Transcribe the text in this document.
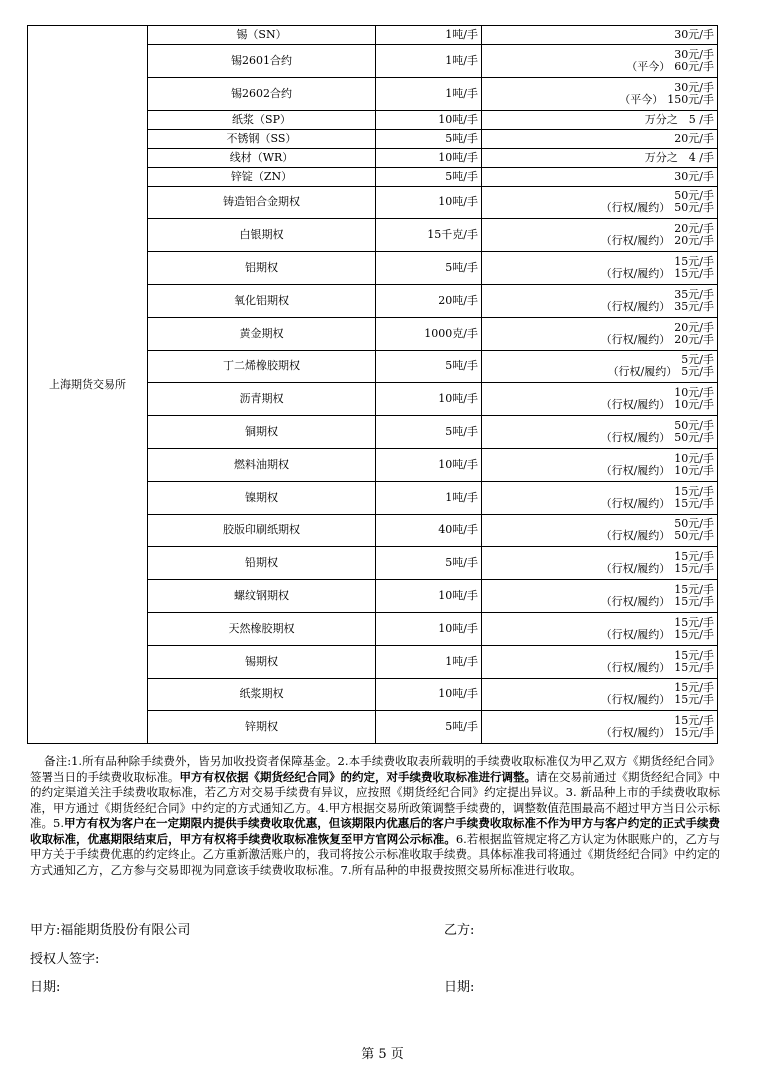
上海期货交易所	锡（SN）	1吨/手	30元/手

	锡2601合约	1吨/手	30元/手
（平今） 60元/手

	锡2602合约	1吨/手	30元/手
（平今） 150元/手

	纸浆（SP）	10吨/手	万分之　5 /手

	不锈钢（SS）	5吨/手	20元/手

	线材（WR）	10吨/手	万分之　4 /手

	锌锭（ZN）	5吨/手	30元/手

	铸造铝合金期权	10吨/手	50元/手
（行权/履约） 50元/手

	白银期权	15千克/手	20元/手
（行权/履约） 20元/手

	铝期权	5吨/手	15元/手
（行权/履约） 15元/手

	氧化铝期权	20吨/手	35元/手
（行权/履约） 35元/手

	黄金期权	1000克/手	20元/手
（行权/履约） 20元/手

	丁二烯橡胶期权	5吨/手	5元/手
（行权/履约） 5元/手

	沥青期权	10吨/手	10元/手
（行权/履约） 10元/手

	铜期权	5吨/手	50元/手
（行权/履约） 50元/手

	燃料油期权	10吨/手	10元/手
（行权/履约） 10元/手

	镍期权	1吨/手	15元/手
（行权/履约） 15元/手

	胶版印刷纸期权	40吨/手	50元/手
（行权/履约） 50元/手

	铅期权	5吨/手	15元/手
（行权/履约） 15元/手

	螺纹钢期权	10吨/手	15元/手
（行权/履约） 15元/手

	天然橡胶期权	10吨/手	15元/手
（行权/履约） 15元/手

	锡期权	1吨/手	15元/手
（行权/履约） 15元/手

	纸浆期权	10吨/手	15元/手
（行权/履约） 15元/手

	锌期权	5吨/手	15元/手
（行权/履约） 15元/手
备注:1.所有品种除手续费外，皆另加收投资者保障基金。2.本手续费收取表所载明的手续费收取标准仅为甲乙双方《期货经纪合同》签署当日的手续费收取标准。甲方有权依据《期货经纪合同》的约定，对手续费收取标准进行调整。请在交易前通过《期货经纪合同》中的约定渠道关注手续费收取标准，若乙方对交易手续费有异议，应按照《期货经纪合同》约定提出异议。3. 新品种上市的手续费收取标准，甲方通过《期货经纪合同》中约定的方式通知乙方。4.甲方根据交易所政策调整手续费的，调整数值范围最高不超过甲方当日公示标准。5.甲方有权为客户在一定期限内提供手续费收取优惠，但该期限内优惠后的客户手续费收取标准不作为甲方与客户约定的正式手续费收取标准，优惠期限结束后，甲方有权将手续费收取标准恢复至甲方官网公示标准。6.若根据监管规定将乙方认定为休眠账户的，乙方与甲方关于手续费优惠的约定终止。乙方重新激活账户的，我司将按公示标准收取手续费。具体标准我司将通过《期货经纪合同》中约定的方式通知乙方，乙方参与交易即视为同意该手续费收取标准。7.所有品种的申报费按照交易所标准进行收取。
甲方:福能期货股份有限公司	乙方:
授权人签字:
日期:	日期:
第 5 页
